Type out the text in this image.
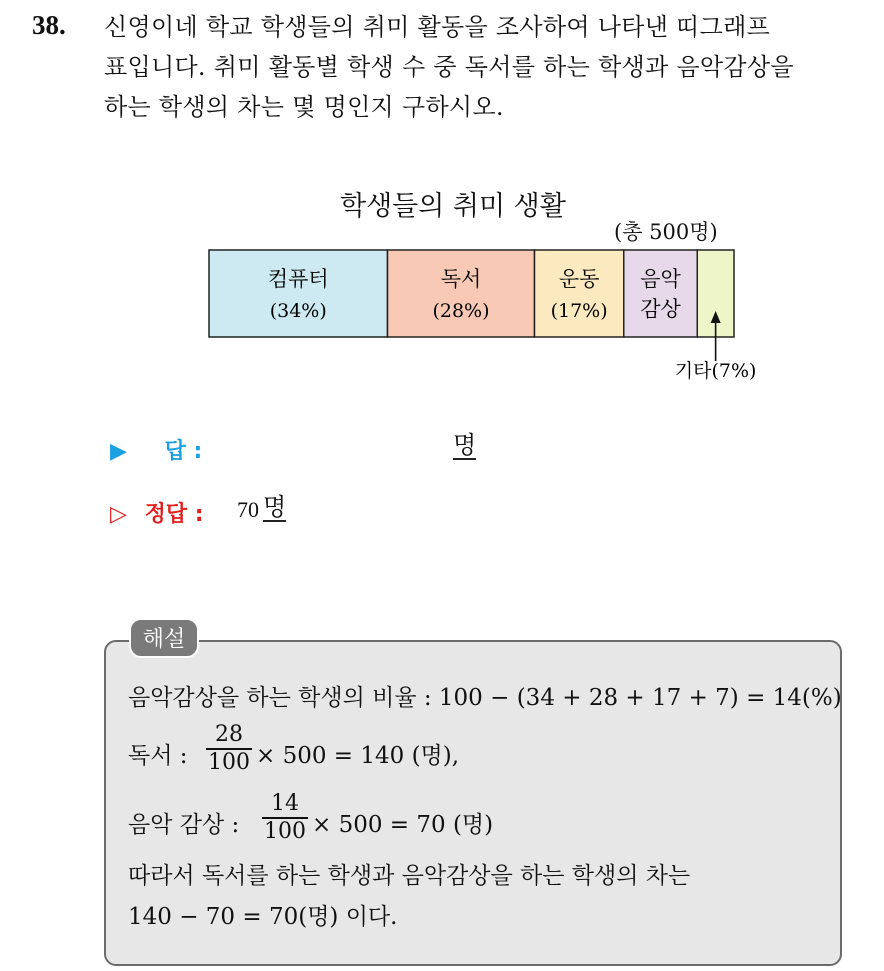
38. 신영이네 학교 학생들의 취미 활동을 조사하여 나타낸 띠그래프
표입니다. 취미 활동별 학생 수 중 독서를 하는 학생과 음악감상을
하는 학생의 차는 몇 명인지 구하시오.
학생들의 취미 생활
(총 500명)
컴퓨터
(34%)
독서
(28%)
운동
(17%)
음악
감상
기타(7%)
▶ 답 :	명
▷ 정답 : 70 명
해설
음악감상을 하는 학생의 비율 : 100 − (34 + 28 + 17 + 7) = 14(%)
독서 :
28
100 × 500 = 140 (명),
음악 감상 :
14
100 × 500 = 70 (명)
따라서 독서를 하는 학생과 음악감상을 하는 학생의 차는
140 − 70 = 70(명) 이다.
